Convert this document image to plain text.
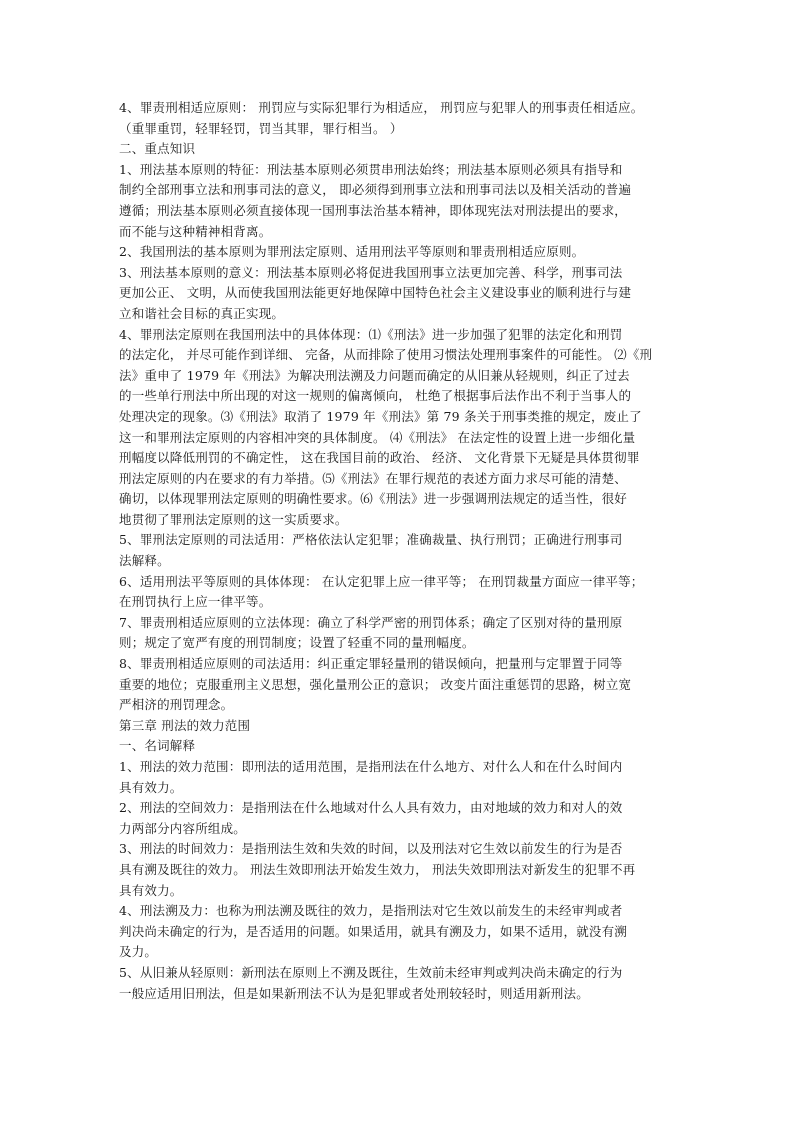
4、罪责刑相适应原则： 刑罚应与实际犯罪行为相适应， 刑罚应与犯罪人的刑事责任相适应。
（重罪重罚，轻罪轻罚，罚当其罪，罪行相当。 ）
二、重点知识
1、刑法基本原则的特征：刑法基本原则必须贯串刑法始终；刑法基本原则必须具有指导和
制约全部刑事立法和刑事司法的意义， 即必须得到刑事立法和刑事司法以及相关活动的普遍
遵循；刑法基本原则必须直接体现一国刑事法治基本精神，即体现宪法对刑法提出的要求，
而不能与这种精神相背离。
2、我国刑法的基本原则为罪刑法定原则、适用刑法平等原则和罪责刑相适应原则。
3、刑法基本原则的意义：刑法基本原则必将促进我国刑事立法更加完善、科学，刑事司法
更加公正、 文明，从而使我国刑法能更好地保障中国特色社会主义建设事业的顺利进行与建
立和谐社会目标的真正实现。
4、罪刑法定原则在我国刑法中的具体体现：⑴《刑法》进一步加强了犯罪的法定化和刑罚
的法定化， 并尽可能作到详细、 完备，从而排除了使用习惯法处理刑事案件的可能性。 ⑵《刑
法》重申了 1979 年《刑法》为解决刑法溯及力问题而确定的从旧兼从轻规则，纠正了过去
的一些单行刑法中所出现的对这一规则的偏离倾向， 杜绝了根据事后法作出不利于当事人的
处理决定的现象。⑶《刑法》取消了 1979 年《刑法》第 79 条关于刑事类推的规定，废止了
这一和罪刑法定原则的内容相冲突的具体制度。 ⑷《刑法》 在法定性的设置上进一步细化量
刑幅度以降低刑罚的不确定性， 这在我国目前的政治、 经济、 文化背景下无疑是具体贯彻罪
刑法定原则的内在要求的有力举措。⑸《刑法》在罪行规范的表述方面力求尽可能的清楚、
确切，以体现罪刑法定原则的明确性要求。⑹《刑法》进一步强调刑法规定的适当性，很好
地贯彻了罪刑法定原则的这一实质要求。
5、罪刑法定原则的司法适用：严格依法认定犯罪；准确裁量、执行刑罚；正确进行刑事司
法解释。
6、适用刑法平等原则的具体体现： 在认定犯罪上应一律平等； 在刑罚裁量方面应一律平等；
在刑罚执行上应一律平等。
7、罪责刑相适应原则的立法体现：确立了科学严密的刑罚体系；确定了区别对待的量刑原
则；规定了宽严有度的刑罚制度；设置了轻重不同的量刑幅度。
8、罪责刑相适应原则的司法适用：纠正重定罪轻量刑的错误倾向，把量刑与定罪置于同等
重要的地位；克服重刑主义思想，强化量刑公正的意识； 改变片面注重惩罚的思路，树立宽
严相济的刑罚理念。
第三章 刑法的效力范围
一、名词解释
1、刑法的效力范围：即刑法的适用范围，是指刑法在什么地方、对什么人和在什么时间内
具有效力。
2、刑法的空间效力：是指刑法在什么地域对什么人具有效力，由对地域的效力和对人的效
力两部分内容所组成。
3、刑法的时间效力：是指刑法生效和失效的时间，以及刑法对它生效以前发生的行为是否
具有溯及既往的效力。 刑法生效即刑法开始发生效力， 刑法失效即刑法对新发生的犯罪不再
具有效力。
4、刑法溯及力：也称为刑法溯及既往的效力，是指刑法对它生效以前发生的未经审判或者
判决尚未确定的行为，是否适用的问题。如果适用，就具有溯及力，如果不适用，就没有溯
及力。
5、从旧兼从轻原则：新刑法在原则上不溯及既往，生效前未经审判或判决尚未确定的行为
一般应适用旧刑法，但是如果新刑法不认为是犯罪或者处刑较轻时，则适用新刑法。
